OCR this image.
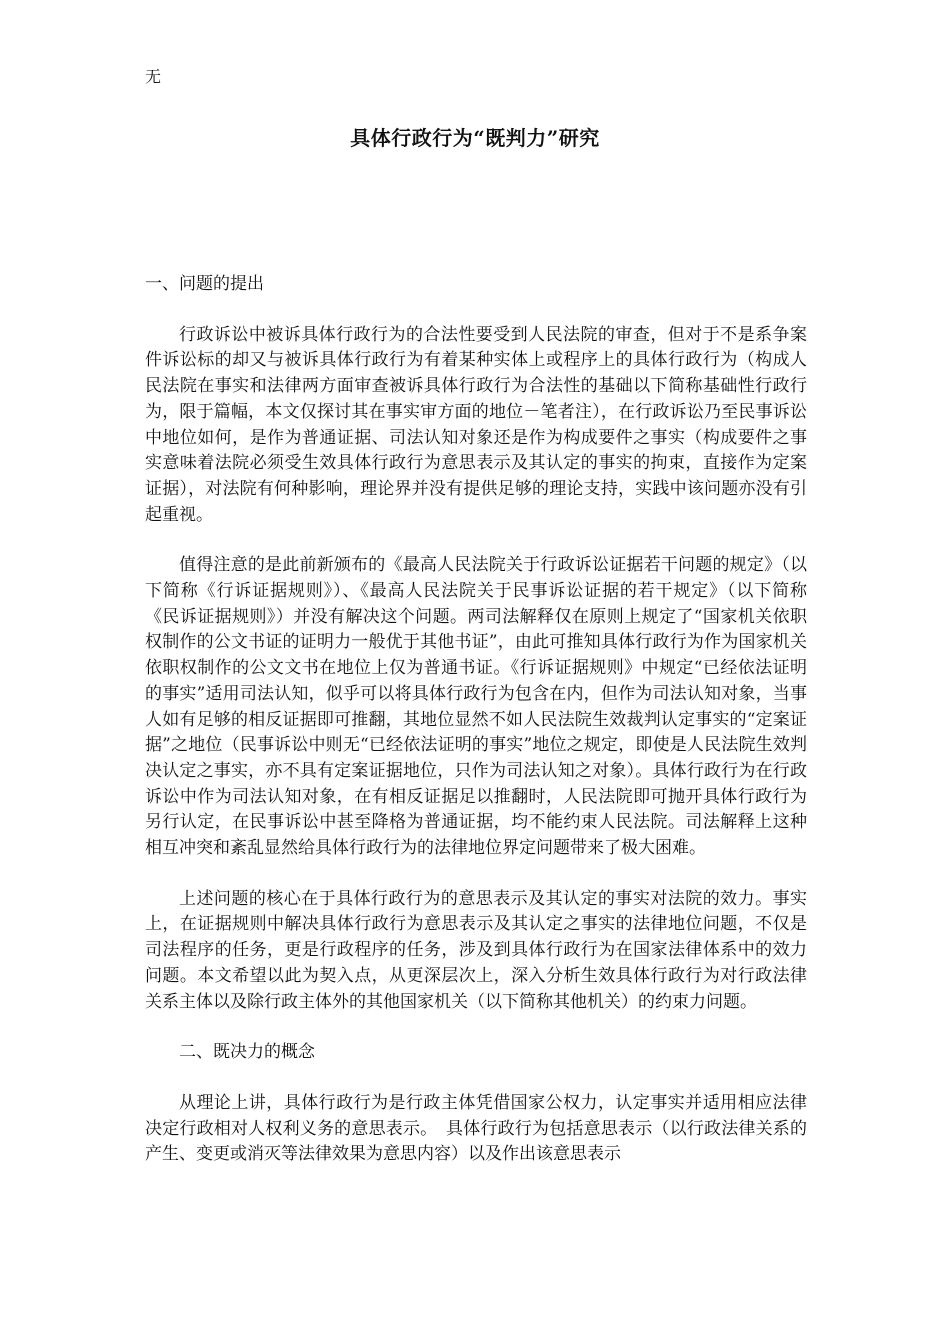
无
具体行政行为“既判力”研究
一、问题的提出

行政诉讼中被诉具体行政行为的合法性要受到人民法院的审查，但对于不是系争案件诉讼标的却又与被诉具体行政行为有着某种实体上或程序上的具体行政行为（构成人民法院在事实和法律两方面审查被诉具体行政行为合法性的基础以下简称基础性行政行为，限于篇幅，本文仅探讨其在事实审方面的地位－笔者注），在行政诉讼乃至民事诉讼中地位如何，是作为普通证据、司法认知对象还是作为构成要件之事实（构成要件之事实意味着法院必须受生效具体行政行为意思表示及其认定的事实的拘束，直接作为定案证据），对法院有何种影响，理论界并没有提供足够的理论支持，实践中该问题亦没有引起重视。

值得注意的是此前新颁布的《最高人民法院关于行政诉讼证据若干问题的规定》（以下简称《行诉证据规则》）、《最高人民法院关于民事诉讼证据的若干规定》（以下简称《民诉证据规则》）并没有解决这个问题。两司法解释仅在原则上规定了“国家机关依职权制作的公文书证的证明力一般优于其他书证”，由此可推知具体行政行为作为国家机关依职权制作的公文文书在地位上仅为普通书证。《行诉证据规则》中规定“已经依法证明的事实”适用司法认知，似乎可以将具体行政行为包含在内，但作为司法认知对象，当事人如有足够的相反证据即可推翻，其地位显然不如人民法院生效裁判认定事实的“定案证据”之地位（民事诉讼中则无“已经依法证明的事实”地位之规定，即使是人民法院生效判决认定之事实，亦不具有定案证据地位，只作为司法认知之对象）。具体行政行为在行政诉讼中作为司法认知对象，在有相反证据足以推翻时，人民法院即可抛开具体行政行为另行认定，在民事诉讼中甚至降格为普通证据，均不能约束人民法院。司法解释上这种相互冲突和紊乱显然给具体行政行为的法律地位界定问题带来了极大困难。

上述问题的核心在于具体行政行为的意思表示及其认定的事实对法院的效力。事实上，在证据规则中解决具体行政行为意思表示及其认定之事实的法律地位问题，不仅是司法程序的任务，更是行政程序的任务，涉及到具体行政行为在国家法律体系中的效力问题。本文希望以此为契入点，从更深层次上，深入分析生效具体行政行为对行政法律关系主体以及除行政主体外的其他国家机关（以下简称其他机关）的约束力问题。

二、既决力的概念

从理论上讲，具体行政行为是行政主体凭借国家公权力，认定事实并适用相应法律决定行政相对人权利义务的意思表示。　具体行政行为包括意思表示（以行政法律关系的产生、变更或消灭等法律效果为意思内容）以及作出该意思表示
